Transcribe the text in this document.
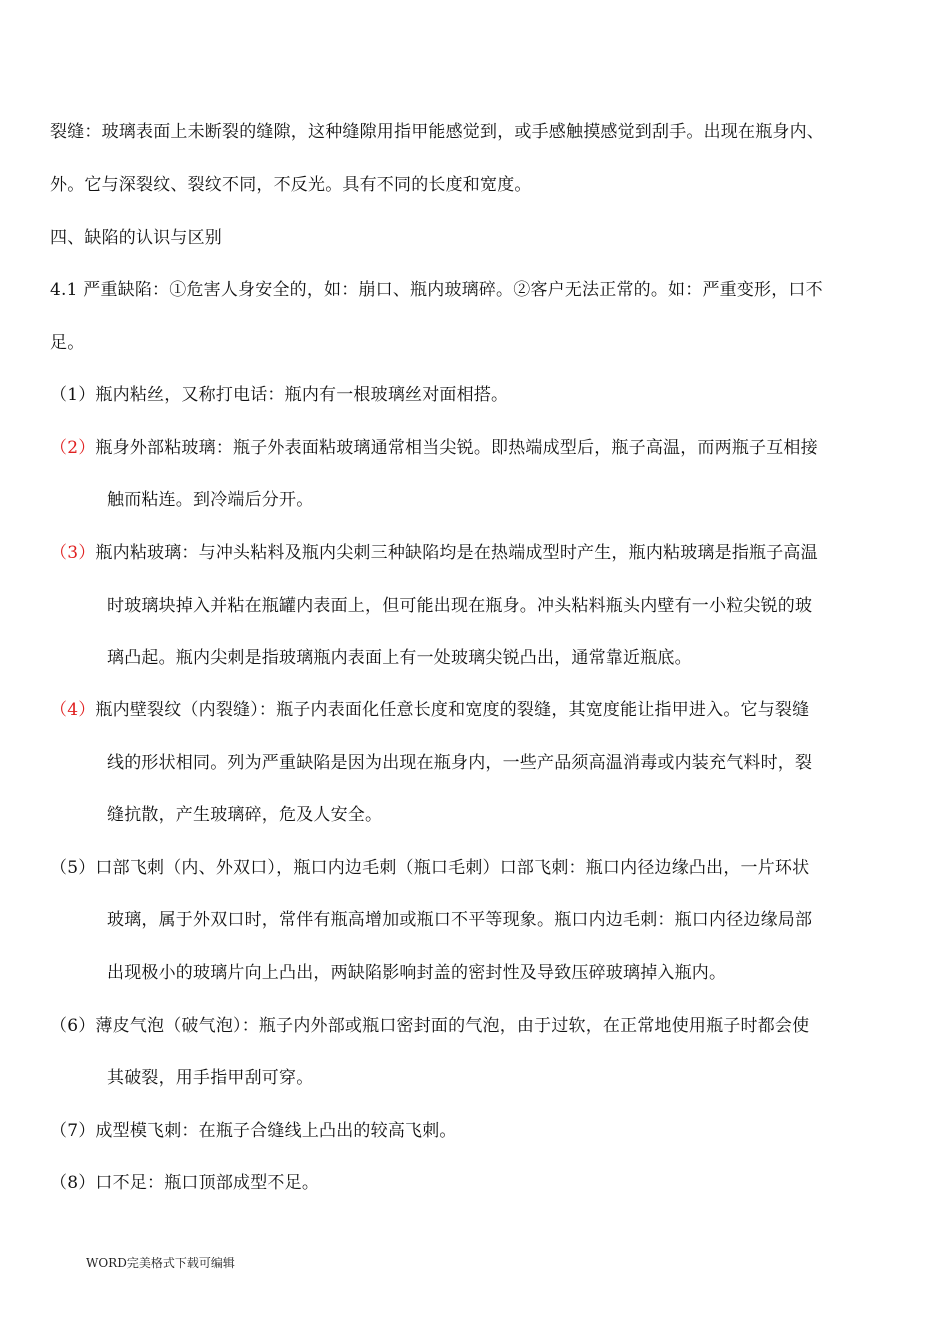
裂缝：玻璃表面上未断裂的缝隙，这种缝隙用指甲能感觉到，或手感触摸感觉到刮手。出现在瓶身内、
外。它与深裂纹、裂纹不同，不反光。具有不同的长度和宽度。
四、缺陷的认识与区别
4.1 严重缺陷：①危害人身安全的，如：崩口、瓶内玻璃碎。②客户无法正常的。如：严重变形，口不
足。
（1）瓶内粘丝，又称打电话：瓶内有一根玻璃丝对面相搭。
（2）瓶身外部粘玻璃：瓶子外表面粘玻璃通常相当尖锐。即热端成型后，瓶子高温，而两瓶子互相接
触而粘连。到冷端后分开。
（3）瓶内粘玻璃：与冲头粘料及瓶内尖刺三种缺陷均是在热端成型时产生，瓶内粘玻璃是指瓶子高温
时玻璃块掉入并粘在瓶罐内表面上，但可能出现在瓶身。冲头粘料瓶头内壁有一小粒尖锐的玻
璃凸起。瓶内尖刺是指玻璃瓶内表面上有一处玻璃尖锐凸出，通常靠近瓶底。
（4）瓶内壁裂纹（内裂缝）：瓶子内表面化任意长度和宽度的裂缝，其宽度能让指甲进入。它与裂缝
线的形状相同。列为严重缺陷是因为出现在瓶身内，一些产品须高温消毒或内装充气料时，裂
缝抗散，产生玻璃碎，危及人安全。
（5）口部飞刺（内、外双口），瓶口内边毛刺（瓶口毛刺）口部飞刺：瓶口内径边缘凸出，一片环状
玻璃，属于外双口时，常伴有瓶高增加或瓶口不平等现象。瓶口内边毛刺：瓶口内径边缘局部
出现极小的玻璃片向上凸出，两缺陷影响封盖的密封性及导致压碎玻璃掉入瓶内。
（6）薄皮气泡（破气泡）：瓶子内外部或瓶口密封面的气泡，由于过软，在正常地使用瓶子时都会使
其破裂，用手指甲刮可穿。
（7）成型模飞刺：在瓶子合缝线上凸出的较高飞刺。
（8）口不足：瓶口顶部成型不足。
WORD完美格式下载可编辑
